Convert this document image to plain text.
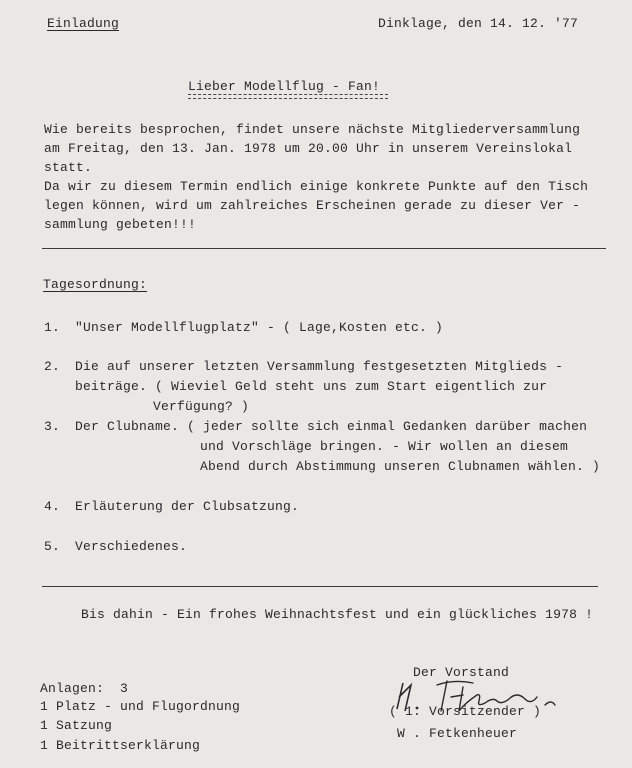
Einladung	Dinklage, den 14. 12. '77
Lieber Modellflug - Fan!
Wie bereits besprochen, findet unsere nächste Mitgliederversammlung
am Freitag, den 13. Jan. 1978 um 20.00 Uhr in unserem Vereinslokal
statt.
Da wir zu diesem Termin endlich einige konkrete Punkte auf den Tisch
legen können, wird um zahlreiches Erscheinen gerade zu dieser Ver -
sammlung gebeten!!!
Tagesordnung:
1. "Unser Modellflugplatz" - ( Lage,Kosten etc. )
2. Die auf unserer letzten Versammlung festgesetzten Mitglieds -
beiträge. ( Wieviel Geld steht uns zum Start eigentlich zur
Verfügung? )
3. Der Clubname. ( jeder sollte sich einmal Gedanken darüber machen
und Vorschläge bringen. - Wir wollen an diesem
Abend durch Abstimmung unseren Clubnamen wählen. )
4. Erläuterung der Clubsatzung.
5. Verschiedenes.
Bis dahin - Ein frohes Weihnachtsfest und ein glückliches 1978 !
Der Vorstand
( 1. Vorsitzender )
W . Fetkenheuer
Anlagen:  3
1 Platz - und Flugordnung
1 Satzung
1 Beitrittserklärung
